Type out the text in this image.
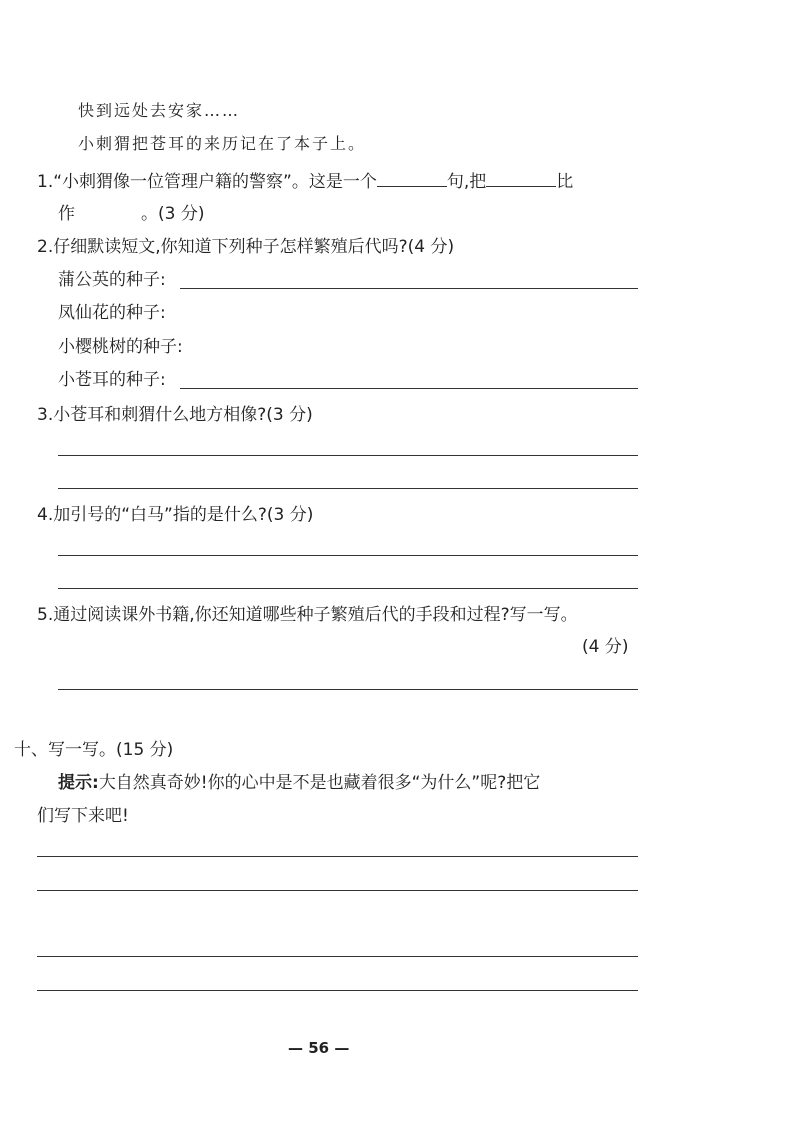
快到远处去安家……
小刺猬把苍耳的来历记在了本子上。
1.“小刺猬像一位管理户籍的警察”。这是一个	句,把	比
作	。(3 分)
2.仔细默读短文,你知道下列种子怎样繁殖后代吗?(4 分)
蒲公英的种子:
凤仙花的种子:
小樱桃树的种子:
小苍耳的种子:
3.小苍耳和刺猬什么地方相像?(3 分)
4.加引号的“白马”指的是什么?(3 分)
5.通过阅读课外书籍,你还知道哪些种子繁殖后代的手段和过程?写一写。
(4 分)
十、写一写。(15 分)
提示:大自然真奇妙!你的心中是不是也藏着很多“为什么”呢?把它
们写下来吧!
— 56 —
